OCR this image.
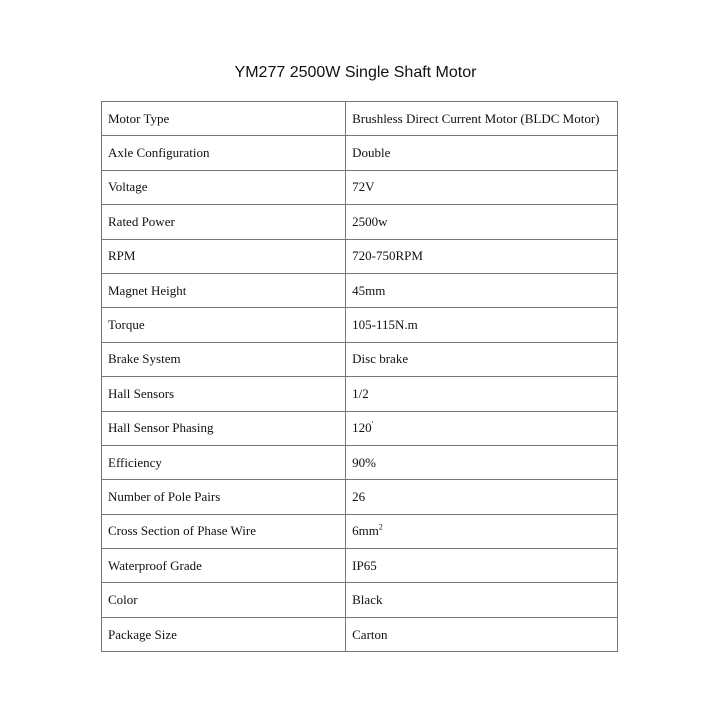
YM277 2500W Single Shaft Motor
Motor Type	Brushless Direct Current Motor (BLDC Motor)
Axle Configuration	Double
Voltage	72V
Rated Power	2500w
RPM	720-750RPM
Magnet Height	45mm
Torque	105-115N.m
Brake System	Disc brake
Hall Sensors	1/2
Hall Sensor Phasing	120'
Efficiency	90%
Number of Pole Pairs	26
Cross Section of Phase Wire	$6mm^2$
Waterproof Grade	IP65
Color	Black
Package Size	Carton
